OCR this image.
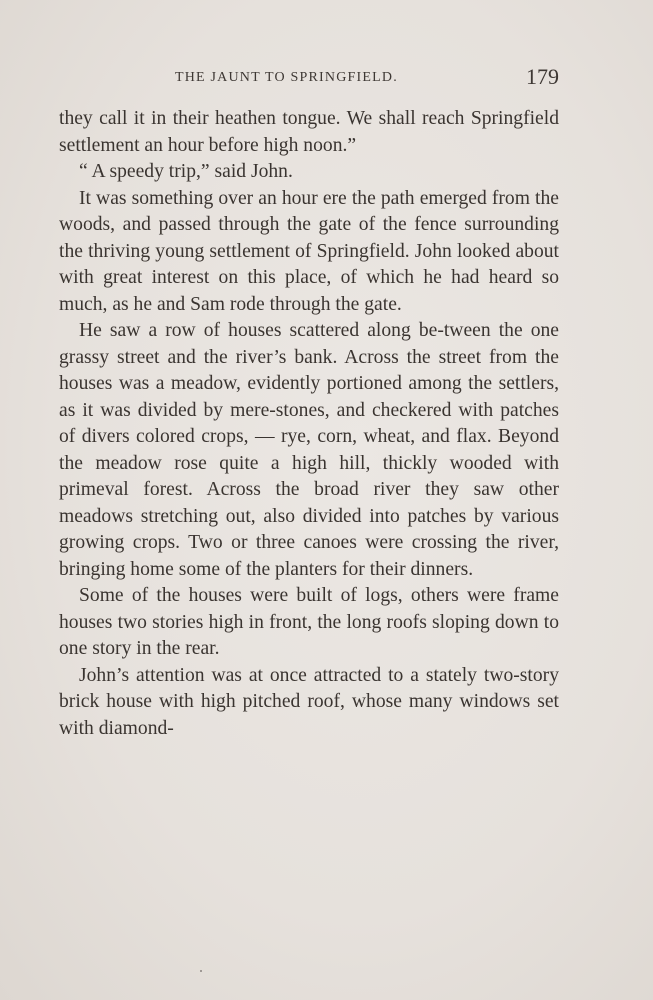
THE JAUNT TO SPRINGFIELD.	179

they call it in their heathen tongue. We shall reach Springfield settlement an hour before high noon.”

“ A speedy trip,” said John.

It was something over an hour ere the path emerged from the woods, and passed through the gate of the fence surrounding the thriving young settlement of Springfield. John looked about with great interest on this place, of which he had heard so much, as he and Sam rode through the gate.

He saw a row of houses scattered along be-tween the one grassy street and the river’s bank. Across the street from the houses was a meadow, evidently portioned among the settlers, as it was divided by mere-stones, and checkered with patches of divers colored crops, — rye, corn, wheat, and flax. Beyond the meadow rose quite a high hill, thickly wooded with primeval forest. Across the broad river they saw other meadows stretching out, also divided into patches by various growing crops. Two or three canoes were crossing the river, bringing home some of the planters for their dinners.

Some of the houses were built of logs, others were frame houses two stories high in front, the long roofs sloping down to one story in the rear.

John’s attention was at once attracted to a stately two-story brick house with high pitched roof, whose many windows set with diamond-
